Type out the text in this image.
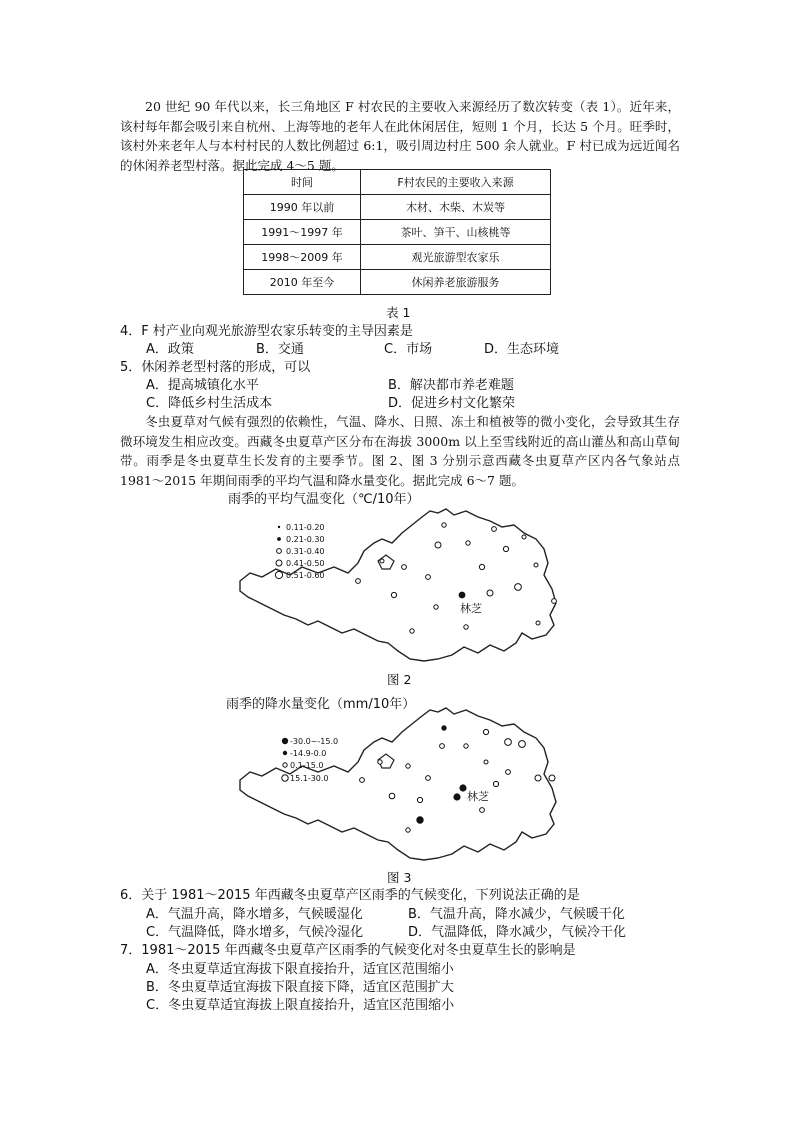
20 世纪 90 年代以来，长三角地区 F 村农民的主要收入来源经历了数次转变（表 1）。近年来，该村每年都会吸引来自杭州、上海等地的老年人在此休闲居住，短则 1 个月，长达 5 个月。旺季时，该村外来老年人与本村村民的人数比例超过 6:1，吸引周边村庄 500 余人就业。F 村已成为远近闻名的休闲养老型村落。据此完成 4～5 题。

时间	F村农民的主要收入来源
1990 年以前	木材、木柴、木炭等
1991～1997 年	茶叶、笋干、山核桃等
1998～2009 年	观光旅游型农家乐
2010 年至今	休闲养老旅游服务
表 1
4．F 村产业向观光旅游型农家乐转变的主导因素是
A．政策	B．交通	C．市场	D．生态环境
5．休闲养老型村落的形成，可以
A．提高城镇化水平	B．解决都市养老难题
C．降低乡村生活成本	D．促进乡村文化繁荣

冬虫夏草对气候有强烈的依赖性，气温、降水、日照、冻土和植被等的微小变化，会导致其生存微环境发生相应改变。西藏冬虫夏草产区分布在海拔 3000m 以上至雪线附近的高山灌丛和高山草甸带。雨季是冬虫夏草生长发育的主要季节。图 2、图 3 分别示意西藏冬虫夏草产区内各气象站点 1981～2015 年期间雨季的平均气温和降水量变化。据此完成 6～7 题。

雨季的平均气温变化（℃/10年）
0.11-0.20
0.21-0.30
0.31-0.40
0.41-0.50
0.51-0.60
林芝
图 2
雨季的降水量变化（mm/10年）
-30.0~-15.0
-14.9-0.0
0.1-15.0
15.1-30.0
林芝
图 3
6．关于 1981～2015 年西藏冬虫夏草产区雨季的气候变化，下列说法正确的是
A．气温升高，降水增多，气候暖湿化	B．气温升高，降水减少，气候暖干化
C．气温降低，降水增多，气候冷湿化	D．气温降低，降水减少，气候冷干化
7．1981～2015 年西藏冬虫夏草产区雨季的气候变化对冬虫夏草生长的影响是
A．冬虫夏草适宜海拔下限直接抬升，适宜区范围缩小
B．冬虫夏草适宜海拔下限直接下降，适宜区范围扩大
C．冬虫夏草适宜海拔上限直接抬升，适宜区范围缩小
